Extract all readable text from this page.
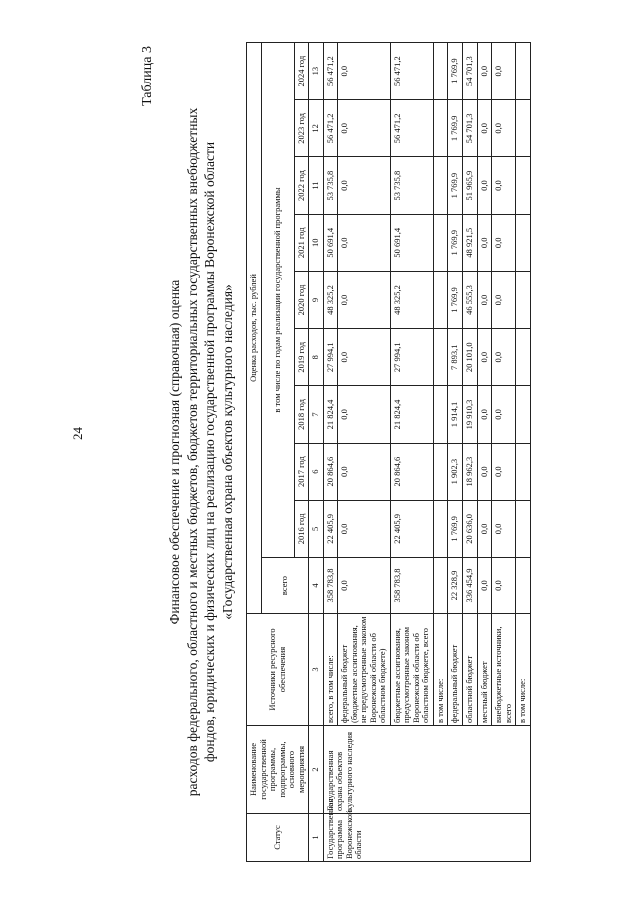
24
Таблица 3
Финансовое обеспечение и прогнозная (справочная) оценка расходов федерального, областного и местных бюджетов, бюджетов территориальных государственных внебюджетных фондов, юридических и физических лиц на реализацию государственной программы Воронежской области «Государственная охрана объектов культурного наследия»
Статус	Наименование государственной программы, подпрограммы, основного мероприятия	Источники ресурсного обеспечения	Оценка расходов, тыс. рублей									
			всего	в том числе по годам реализации государственной программы								
				2016 год	2017 год	2018 год	2019 год	2020 год	2021 год	2022 год	2023 год	2024 год
1	2	3	4	5	6	7	8	9	10	11	12	13
Государственная программа Воронежской области	Государственная охрана объектов культурного наследия	всего, в том числе:	358 783,8	22 405,9	20 864,6	21 824,4	27 994,1	48 325,2	50 691,4	53 735,8	56 471,2	56 471,2
		федеральный бюджет (бюджетные ассигнования, не предусмотренные законом Воронежской области об областном бюджете)	0,0	0,0	0,0	0,0	0,0	0,0	0,0	0,0	0,0	0,0
		бюджетные ассигнования, предусмотренные законом Воронежской области об областном бюджете, всего	358 783,8	22 405,9	20 864,6	21 824,4	27 994,1	48 325,2	50 691,4	53 735,8	56 471,2	56 471,2
		в том числе:										
		федеральный бюджет	22 328,9	1 769,9	1 902,3	1 914,1	7 893,1	1 769,9	1 769,9	1 769,9	1 769,9	1 769,9
		областной бюджет	336 454,9	20 636,0	18 962,3	19 910,3	20 101,0	46 555,3	48 921,5	51 965,9	54 701,3	54 701,3
		местный бюджет	0,0	0,0	0,0	0,0	0,0	0,0	0,0	0,0	0,0	0,0
		внебюджетные источники, всего	0,0	0,0	0,0	0,0	0,0	0,0	0,0	0,0	0,0	0,0
		в том числе:										
